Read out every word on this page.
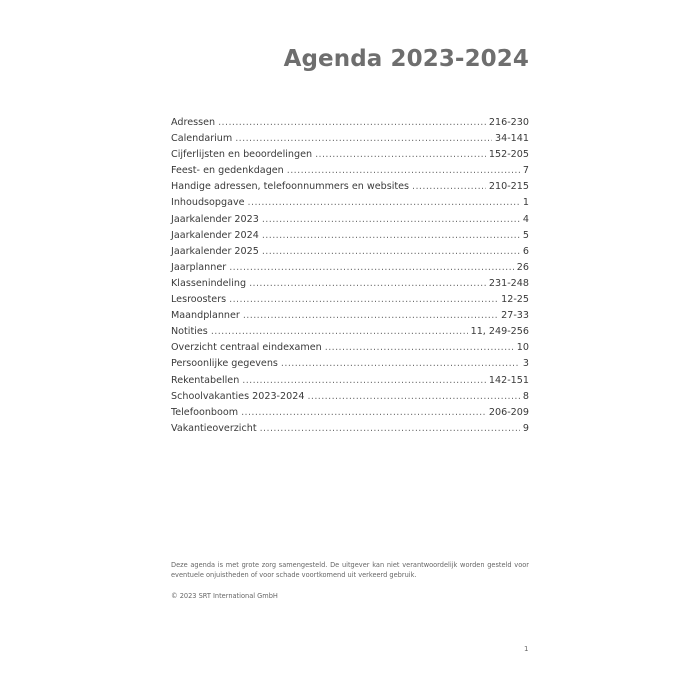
Agenda 2023-2024
Adressen .....	216-230
Calendarium .....	34-141
Cijferlijsten en beoordelingen .....	152-205
Feest- en gedenkdagen .....	7
Handige adressen, telefoonnummers en websites .....	210-215
Inhoudsopgave .....	1
Jaarkalender 2023 .....	4
Jaarkalender 2024 .....	5
Jaarkalender 2025 .....	6
Jaarplanner .....	26
Klassenindeling .....	231-248
Lesroosters .....	12-25
Maandplanner .....	27-33
Notities .....	11, 249-256
Overzicht centraal eindexamen .....	10
Persoonlijke gegevens .....	3
Rekentabellen .....	142-151
Schoolvakanties 2023-2024 .....	8
Telefoonboom .....	206-209
Vakantieoverzicht .....	9

Deze agenda is met grote zorg samengesteld. De uitgever kan niet verantwoordelijk worden gesteld voor eventuele onjuistheden of voor schade voortkomend uit verkeerd gebruik.

© 2023 SRT International GmbH

1
